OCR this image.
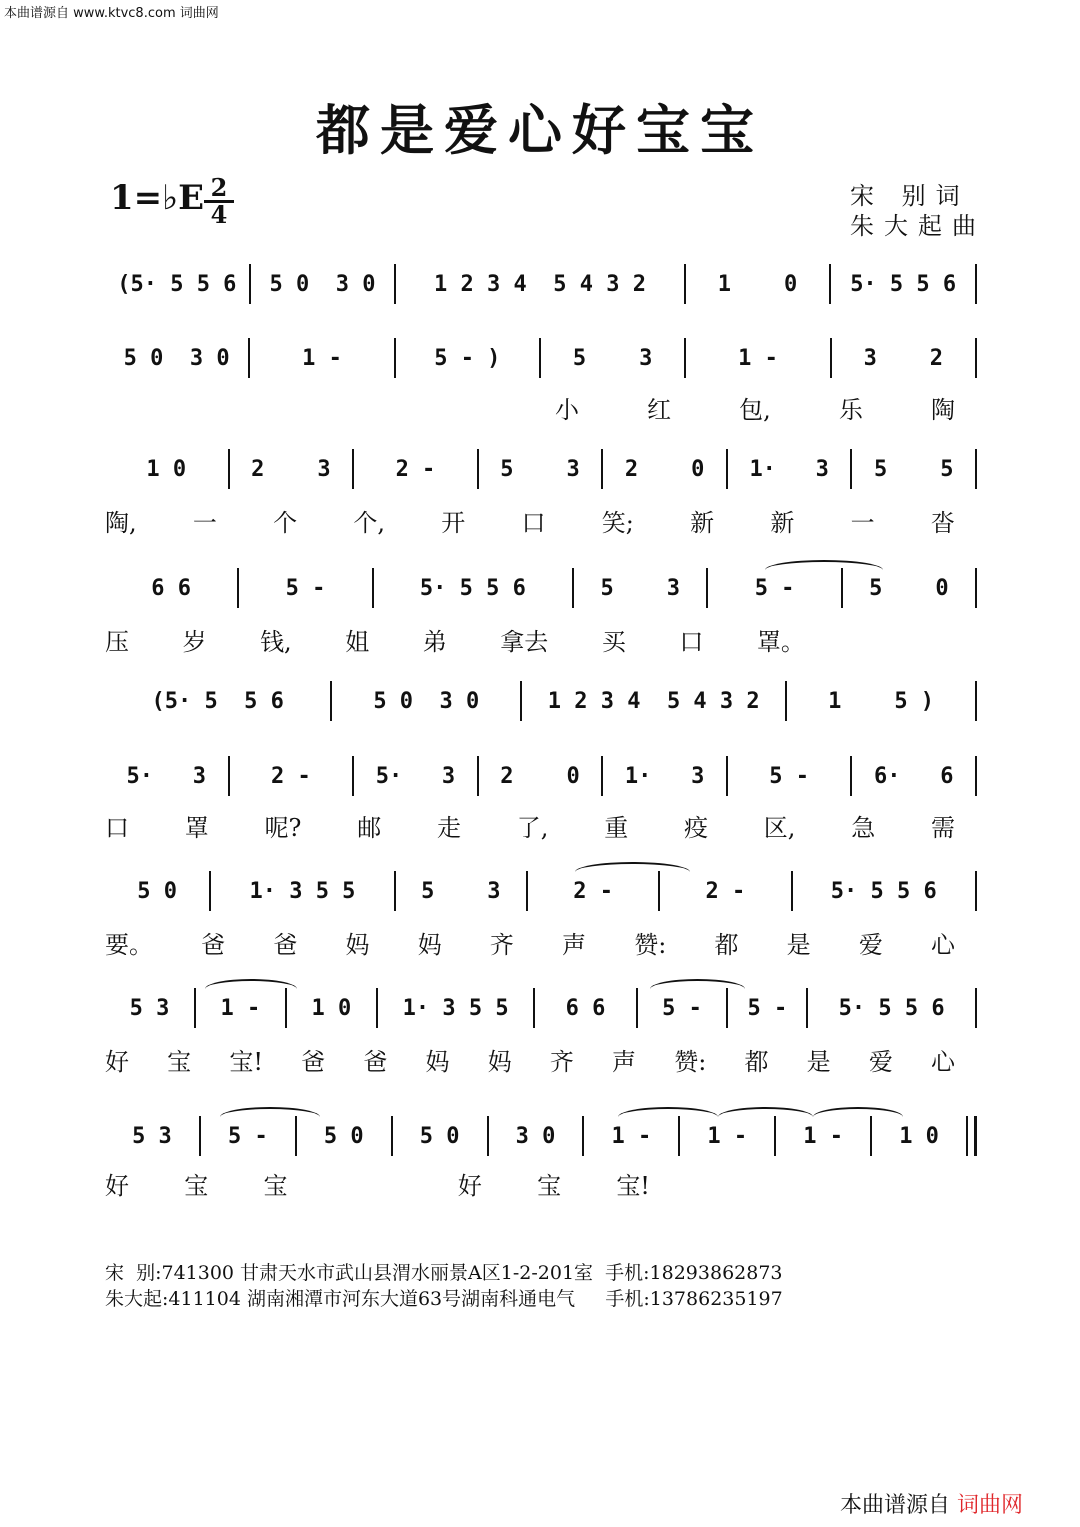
本曲谱源自 www.ktvc8.com 词曲网
都是爱心好宝宝
1=♭E 2
4
宋 别词
朱大起曲
(5· 5 5 6	5 0  3 0	1 2 3 4  5 4 3 2	1    0	5· 5 5 6
5 0  3 0	1 -	5 - )	5    3	1 -	3    2
小	红	包,	乐	陶
1 0	2    3	2 -	5    3	2    0	1·   3	5    5
陶, 一 个 个, 开 口 笑; 新 新 一 沓
6 6	5 -	5· 5 5 6	5    3	5 -	5    0
压 岁 钱, 姐 弟 拿去 买 口 罩。
(5· 5  5 6	5 0  3 0	1 2 3 4  5 4 3 2	1    5 )
5·   3	2 -	5·   3	2    0	1·   3	5 -	6·   6
口 罩 呢? 邮 走 了, 重 疫 区, 急 需
5 0	1· 3 5 5	5    3	2 -	2 -	5· 5 5 6
要。 爸 爸 妈 妈 齐 声 赞: 都 是 爱 心
5 3	1 -	1 0	1· 3 5 5	6 6	5 -	5 -	5· 5 5 6
好 宝 宝! 爸 爸 妈 妈 齐 声 赞: 都 是 爱 心
5 3	5 -	5 0	5 0	3 0	1 -	1 -	1 -	1 0
好 宝 宝	好 宝 宝!
宋  别:741300 甘肃天水市武山县渭水丽景A区1-2-201室  手机:18293862873
朱大起:411104 湖南湘潭市河东大道63号湖南科通电气     手机:13786235197
本曲谱源自 词曲网
